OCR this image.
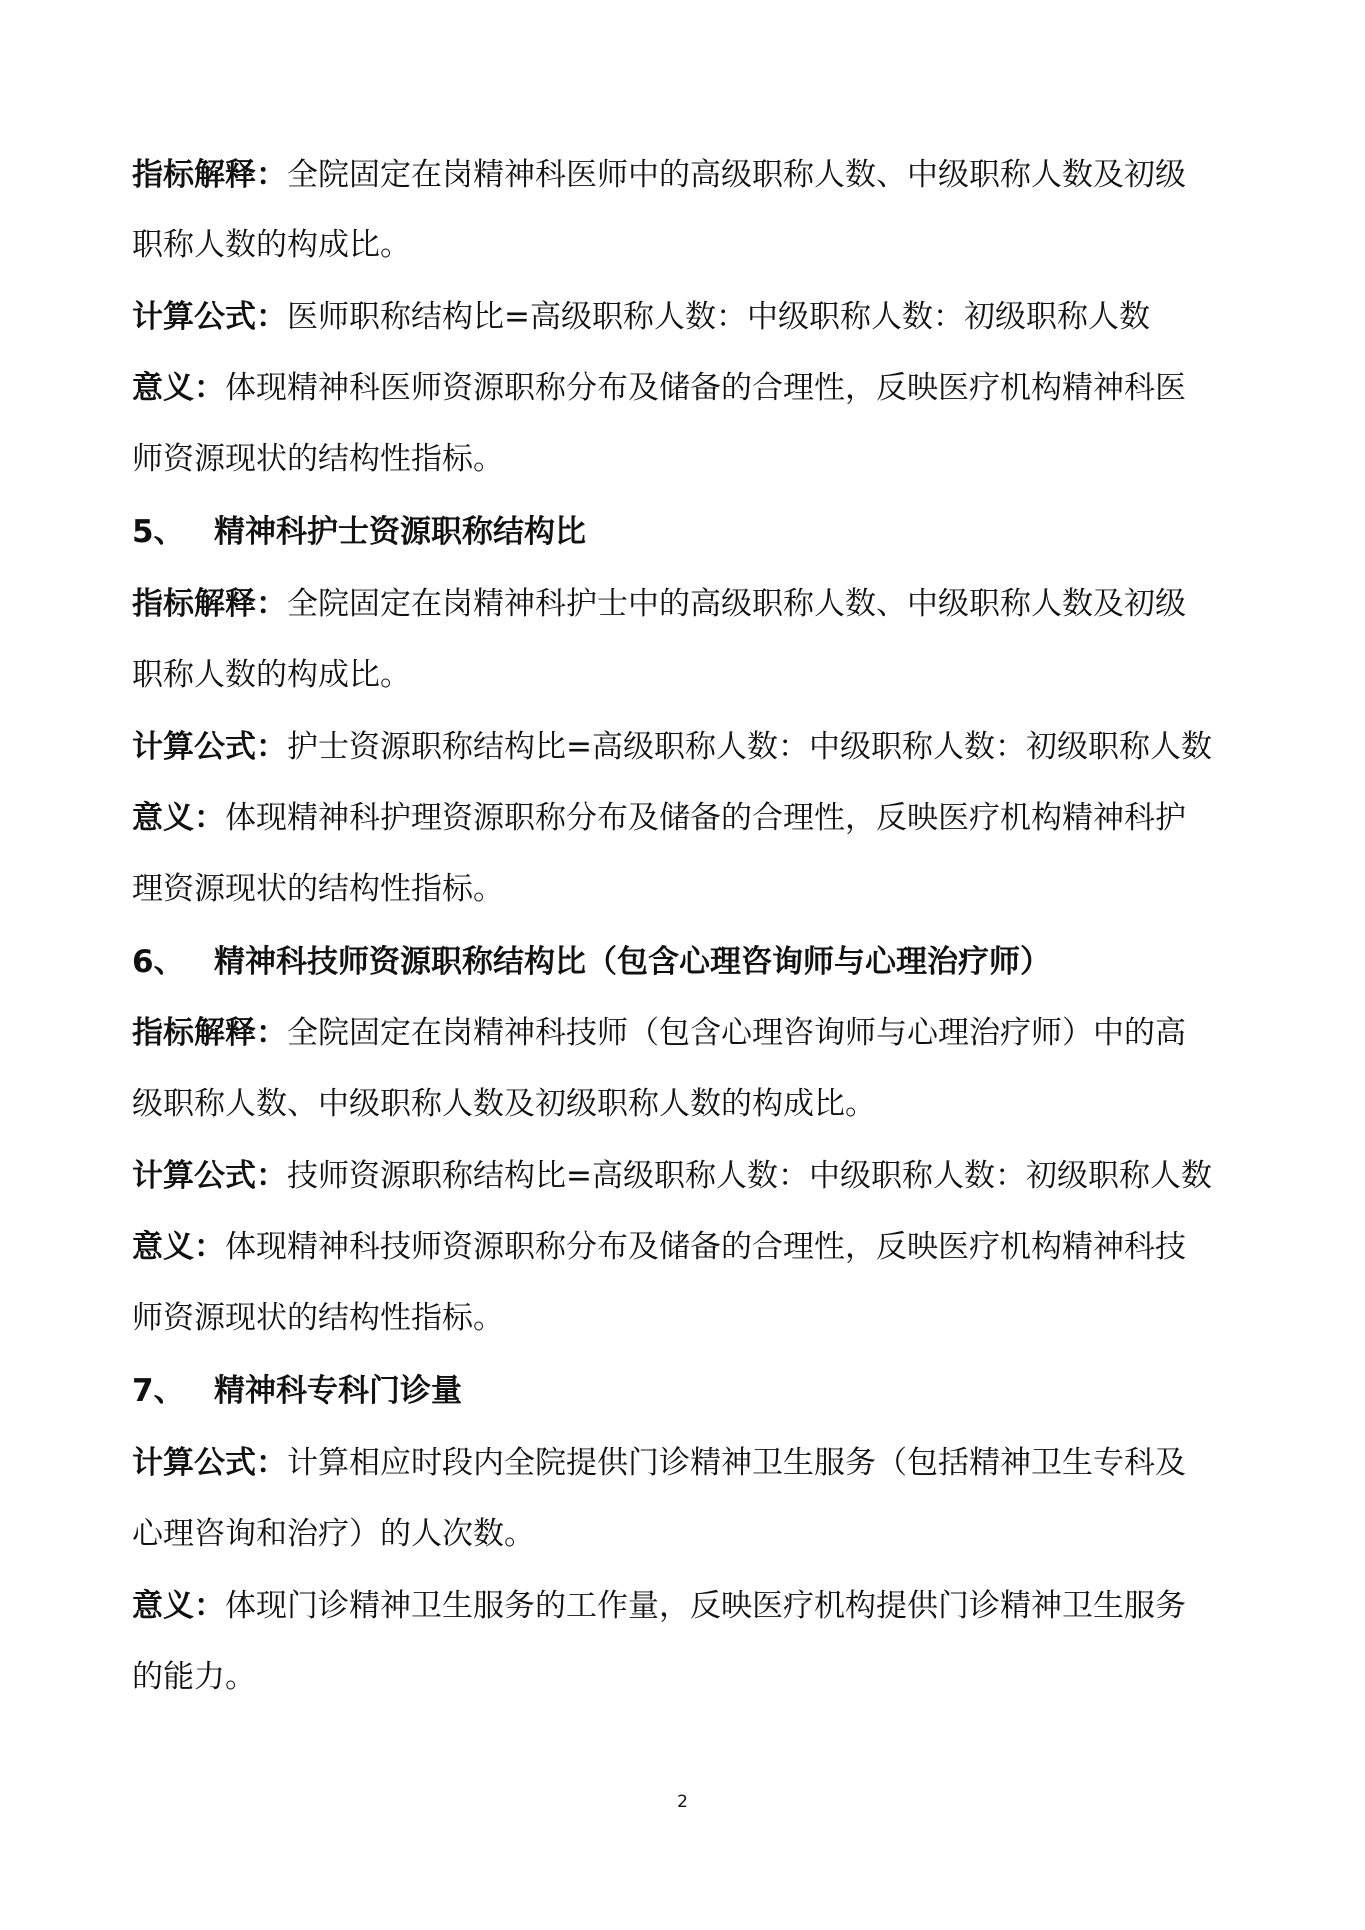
指标解释：全院固定在岗精神科医师中的高级职称人数、中级职称人数及初级

职称人数的构成比。

计算公式：医师职称结构比=高级职称人数：中级职称人数：初级职称人数

意义：体现精神科医师资源职称分布及储备的合理性，反映医疗机构精神科医

师资源现状的结构性指标。

5、 精神科护士资源职称结构比

指标解释：全院固定在岗精神科护士中的高级职称人数、中级职称人数及初级

职称人数的构成比。

计算公式：护士资源职称结构比=高级职称人数：中级职称人数：初级职称人数

意义：体现精神科护理资源职称分布及储备的合理性，反映医疗机构精神科护

理资源现状的结构性指标。

6、 精神科技师资源职称结构比（包含心理咨询师与心理治疗师）

指标解释：全院固定在岗精神科技师（包含心理咨询师与心理治疗师）中的高

级职称人数、中级职称人数及初级职称人数的构成比。

计算公式：技师资源职称结构比=高级职称人数：中级职称人数：初级职称人数

意义：体现精神科技师资源职称分布及储备的合理性，反映医疗机构精神科技

师资源现状的结构性指标。

7、 精神科专科门诊量

计算公式：计算相应时段内全院提供门诊精神卫生服务（包括精神卫生专科及

心理咨询和治疗）的人次数。

意义：体现门诊精神卫生服务的工作量，反映医疗机构提供门诊精神卫生服务

的能力。

2
